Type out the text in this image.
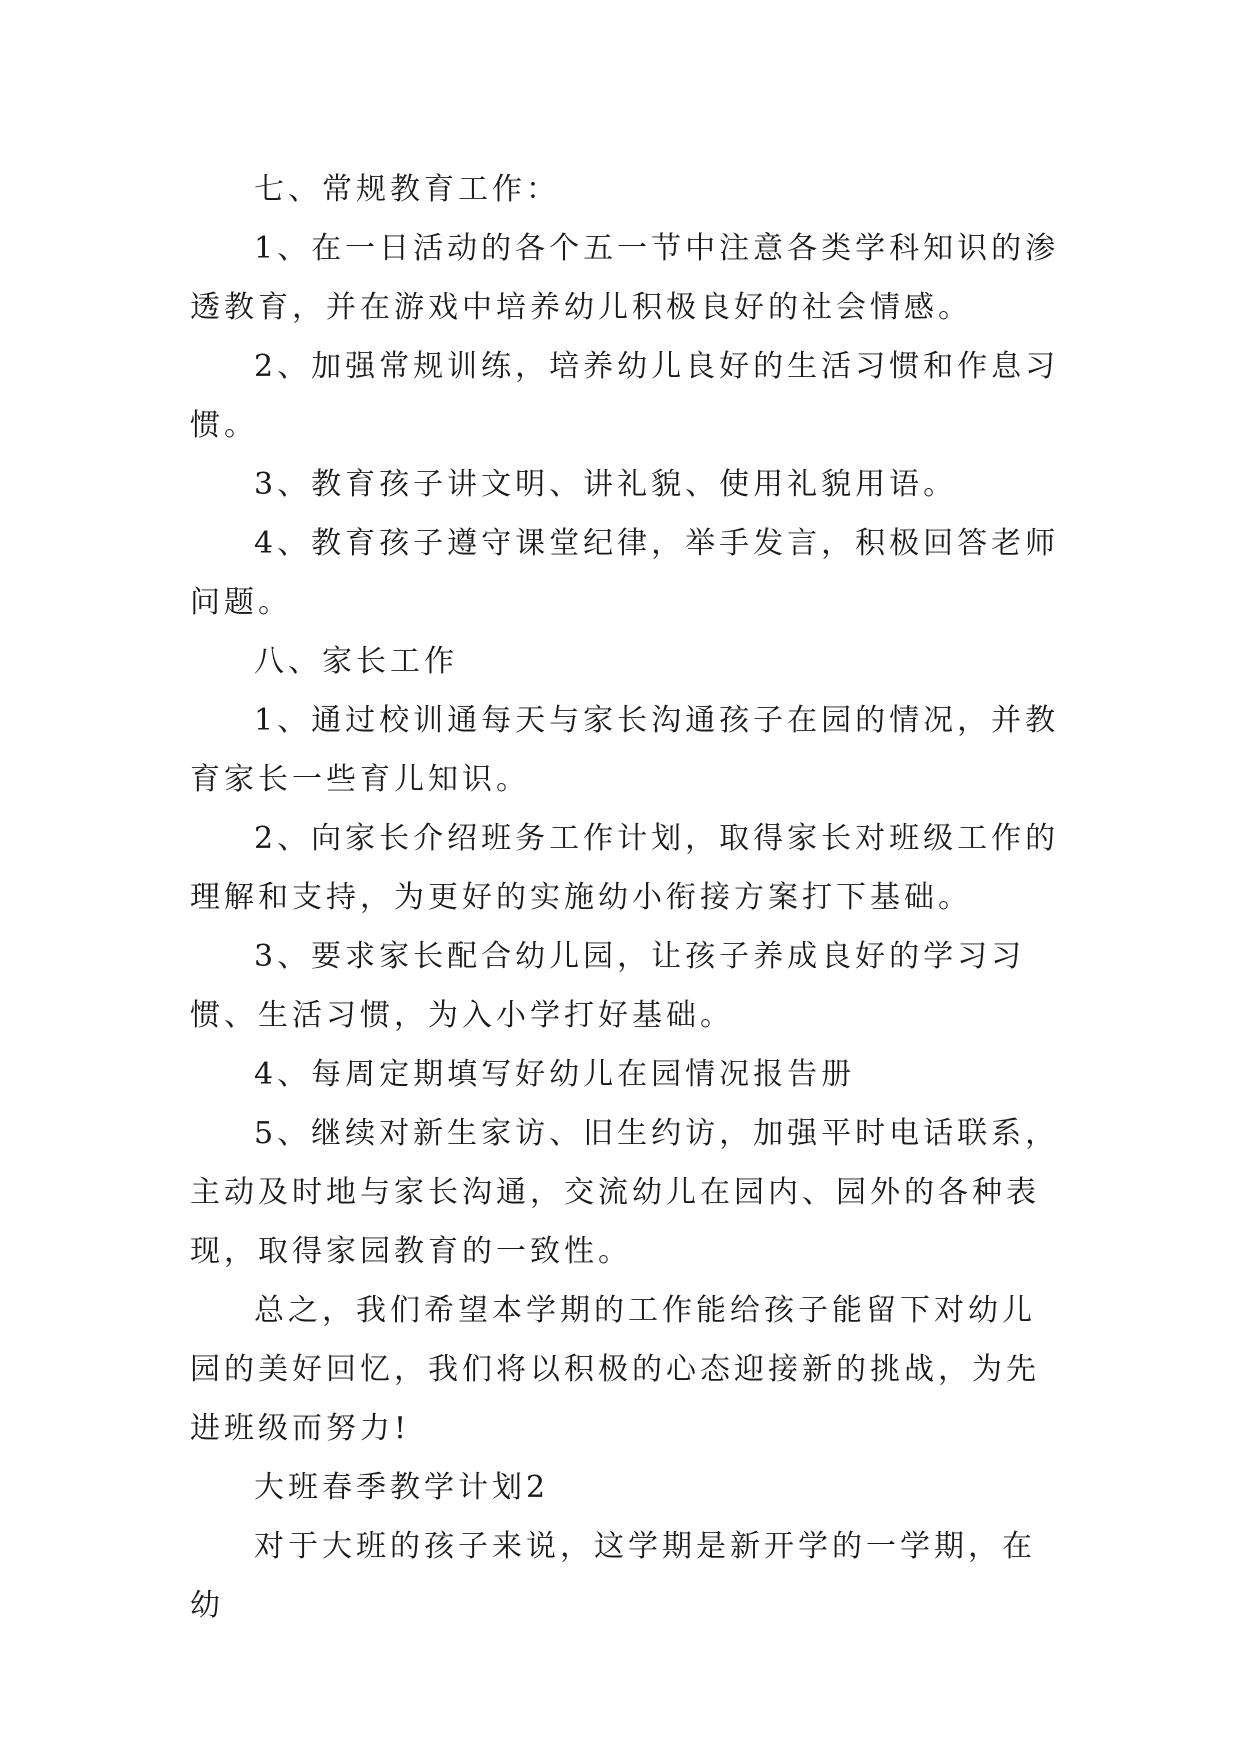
七、常规教育工作：

1、在一日活动的各个五一节中注意各类学科知识的渗透教育，并在游戏中培养幼儿积极良好的社会情感。

2、加强常规训练，培养幼儿良好的生活习惯和作息习惯。

3、教育孩子讲文明、讲礼貌、使用礼貌用语。

4、教育孩子遵守课堂纪律，举手发言，积极回答老师问题。

八、家长工作

1、通过校训通每天与家长沟通孩子在园的情况，并教育家长一些育儿知识。

2、向家长介绍班务工作计划，取得家长对班级工作的理解和支持，为更好的实施幼小衔接方案打下基础。

3、要求家长配合幼儿园，让孩子养成良好的学习习惯、生活习惯，为入小学打好基础。

4、每周定期填写好幼儿在园情况报告册

5、继续对新生家访、旧生约访，加强平时电话联系，主动及时地与家长沟通，交流幼儿在园内、园外的各种表现，取得家园教育的一致性。

总之，我们希望本学期的工作能给孩子能留下对幼儿园的美好回忆，我们将以积极的心态迎接新的挑战，为先进班级而努力!

大班春季教学计划2

对于大班的孩子来说，这学期是新开学的一学期，在幼
